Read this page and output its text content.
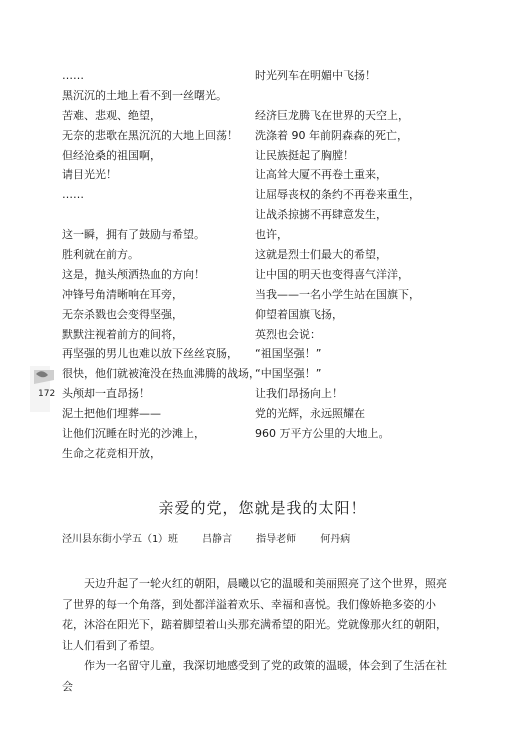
……
黑沉沉的土地上看不到一丝曙光。
苦难、悲观、绝望，
无奈的悲歌在黑沉沉的大地上回荡！
但经沧桑的祖国啊，
请目光光！
……
这一瞬，拥有了鼓励与希望。
胜利就在前方。
这是，抛头颅洒热血的方向！
冲锋号角清晰响在耳旁，
无奈杀戮也会变得坚强，
默默注视着前方的间将，
再坚强的男儿也难以放下丝丝哀肠，
很快，他们就被淹没在热血沸腾的战场，
头颅却一直昂扬！
泥土把他们埋葬——
让他们沉睡在时光的沙滩上，
生命之花竞相开放，
时光列车在明媚中飞扬！
经济巨龙腾飞在世界的天空上，
洗涤着 90 年前阴森森的死亡，
让民族挺起了胸膛！
让高耸大厦不再卷土重来，
让屈辱丧权的条约不再卷来重生，
让战杀掠掳不再肆意发生，
也许，
这就是烈士们最大的希望，
让中国的明天也变得喜气洋洋，
当我——一名小学生站在国旗下，
仰望着国旗飞扬，
英烈也会说：
“祖国坚强！”
“中国坚强！”
让我们昂扬向上！
党的光辉，永远照耀在
960 万平方公里的大地上。
172
亲爱的党，您就是我的太阳！
泾川县东街小学五（1）班    吕静言    指导老师    何丹病

天边升起了一轮火红的朝阳，晨曦以它的温暖和美丽照亮了这个世界，照亮了世界的每一个角落，到处都洋溢着欢乐、幸福和喜悦。我们像娇艳多姿的小花，沐浴在阳光下，踮着脚望着山头那充满希望的阳光。党就像那火红的朝阳，让人们看到了希望。

作为一名留守儿童，我深切地感受到了党的政策的温暖，体会到了生活在社会
